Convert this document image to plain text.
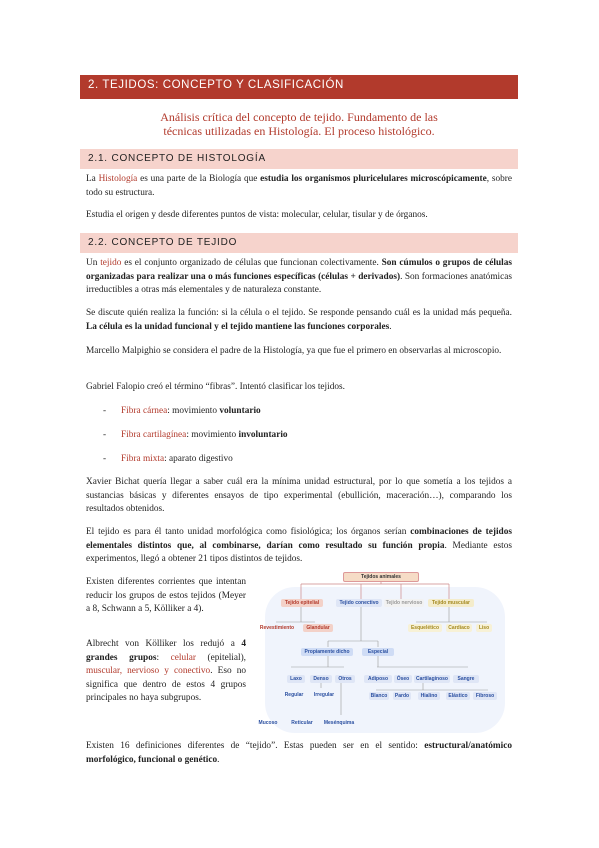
2. TEJIDOS: CONCEPTO Y CLASIFICACIÓN
Análisis crítica del concepto de tejido. Fundamento de las
técnicas utilizadas en Histología. El proceso histológico.
2.1. CONCEPTO DE HISTOLOGÍA
La Histología es una parte de la Biología que estudia los organismos pluricelulares microscópicamente, sobre todo su estructura.
Estudia el origen y desde diferentes puntos de vista: molecular, celular, tisular y de órganos.
2.2. CONCEPTO DE TEJIDO
Un tejido es el conjunto organizado de células que funcionan colectivamente. Son cúmulos o grupos de células organizadas para realizar una o más funciones específicas (células + derivados). Son formaciones anatómicas irreductibles a otras más elementales y de naturaleza constante.
Se discute quién realiza la función: si la célula o el tejido. Se responde pensando cuál es la unidad más pequeña. La célula es la unidad funcional y el tejido mantiene las funciones corporales.
Marcello Malpighio se considera el padre de la Histología, ya que fue el primero en observarlas al microscopio.
Gabriel Falopio creó el término “fibras”. Intentó clasificar los tejidos.
- Fibra cárnea: movimiento voluntario
- Fibra cartilagínea: movimiento involuntario
- Fibra mixta: aparato digestivo
Xavier Bichat quería llegar a saber cuál era la mínima unidad estructural, por lo que sometía a los tejidos a sustancias básicas y diferentes ensayos de tipo experimental (ebullición, maceración…), comparando los resultados obtenidos.
El tejido es para él tanto unidad morfológica como fisiológica; los órganos serían combinaciones de tejidos elementales distintos que, al combinarse, darían como resultado su función propia. Mediante estos experimentos, llegó a obtener 21 tipos distintos de tejidos.
Existen diferentes corrientes que intentan reducir los grupos de estos tejidos (Meyer a 8, Schwann a 5, Kölliker a 4).
Albrecht von Kölliker los redujó a 4 grandes grupos: celular (epitelial), muscular, nervioso y conectivo. Eso no significa que dentro de estos 4 grupos principales no haya subgrupos.
Tejidos animales
Tejido epitelial	Tejido conectivo	Tejido nervioso	Tejido muscular
Revestimiento	Glandular	Esquelético	Cardíaco	Liso
Propiamente dicho	Especial
Laxo	Denso	Otros	Adiposo	Óseo	Cartilaginoso	Sangre
Regular	Irregular	Blanco	Pardo	Hialino	Elástico	Fibroso
Mucoso	Reticular	Mesénquima
Existen 16 definiciones diferentes de “tejido”. Estas pueden ser en el sentido: estructural/anatómico morfológico, funcional o genético.
